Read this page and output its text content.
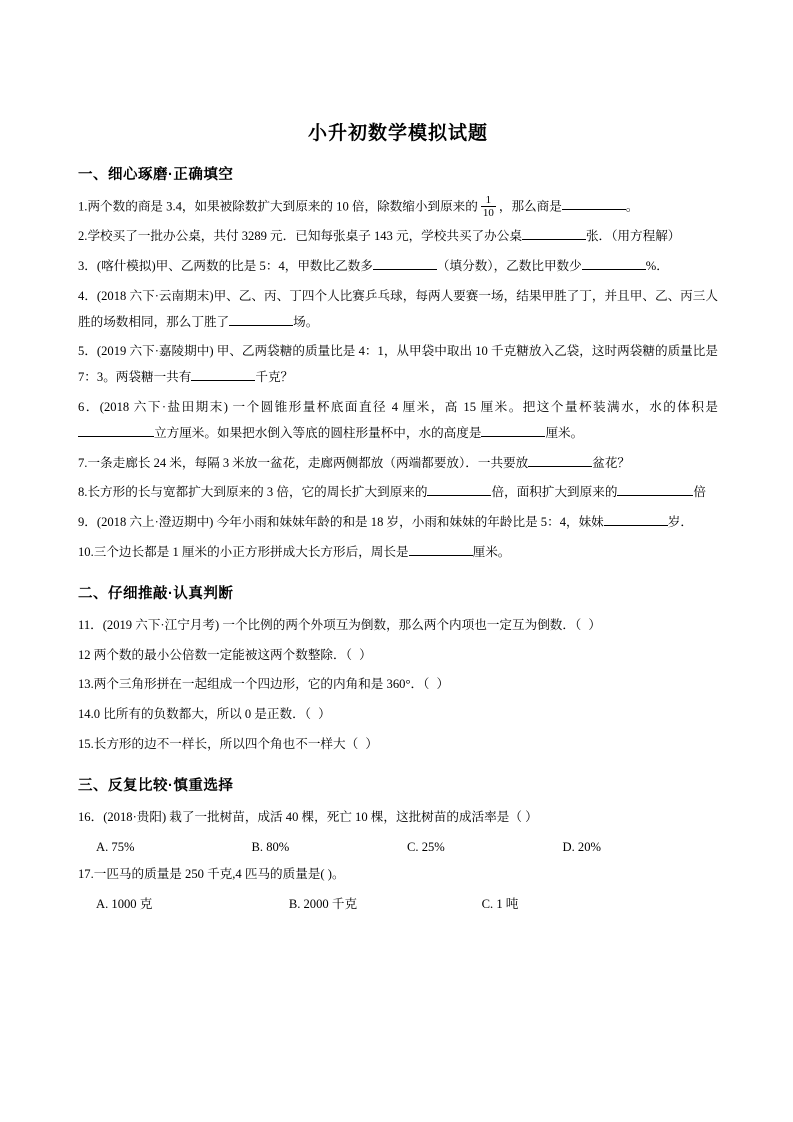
小升初数学模拟试题
一、细心琢磨·正确填空

1.两个数的商是 3.4，如果被除数扩大到原来的 10 倍，除数缩小到原来的 $\frac{1}{10}$ ，那么商是	。

2.学校买了一批办公桌，共付 3289 元．已知每张桌子 143 元，学校共买了办公桌	张．（用方程解）

3．(喀什模拟)甲、乙两数的比是 5：4，甲数比乙数多	（填分数），乙数比甲数少	%．

4．(2018 六下·云南期末)甲、乙、丙、丁四个人比赛乒乓球，每两人要赛一场，结果甲胜了丁，并且甲、乙、丙三人胜的场数相同，那么丁胜了	场。

5．(2019 六下·嘉陵期中) 甲、乙两袋糖的质量比是 4：1，从甲袋中取出 10 千克糖放入乙袋，这时两袋糖的质量比是 7：3。两袋糖一共有	千克？

6．(2018 六下·盐田期末) 一个圆锥形量杯底面直径 4 厘米，高 15 厘米。把这个量杯装满水，水的体积是立方厘米。如果把水倒入等底的圆柱形量杯中，水的高度是	厘米。

7.一条走廊长 24 米，每隔 3 米放一盆花，走廊两侧都放（两端都要放）．一共要放	盆花？

8.长方形的长与宽都扩大到原来的 3 倍，它的周长扩大到原来的	倍，面积扩大到原来的	倍

9．(2018 六上·澄迈期中) 今年小雨和妹妹年龄的和是 18 岁，小雨和妹妹的年龄比是 5：4，妹妹	岁．

10.三个边长都是 1 厘米的小正方形拼成大长方形后，周长是	厘米。

二、仔细推敲·认真判断

11．(2019 六下·江宁月考) 一个比例的两个外项互为倒数，那么两个内项也一定互为倒数．（ ）

12 两个数的最小公倍数一定能被这两个数整除．（ ）

13.两个三角形拼在一起组成一个四边形，它的内角和是 360°．（ ）

14.0 比所有的负数都大，所以 0 是正数．（ ）

15.长方形的边不一样长，所以四个角也不一样大（ ）

三、反复比较·慎重选择

16．(2018·贵阳) 栽了一批树苗，成活 40 棵，死亡 10 棵，这批树苗的成活率是（ ）

A. 75%	B. 80%	C. 25%	D. 20%

17.一匹马的质量是 250 千克,4 匹马的质量是( )。

A. 1000 克	B. 2000 千克	C. 1 吨
